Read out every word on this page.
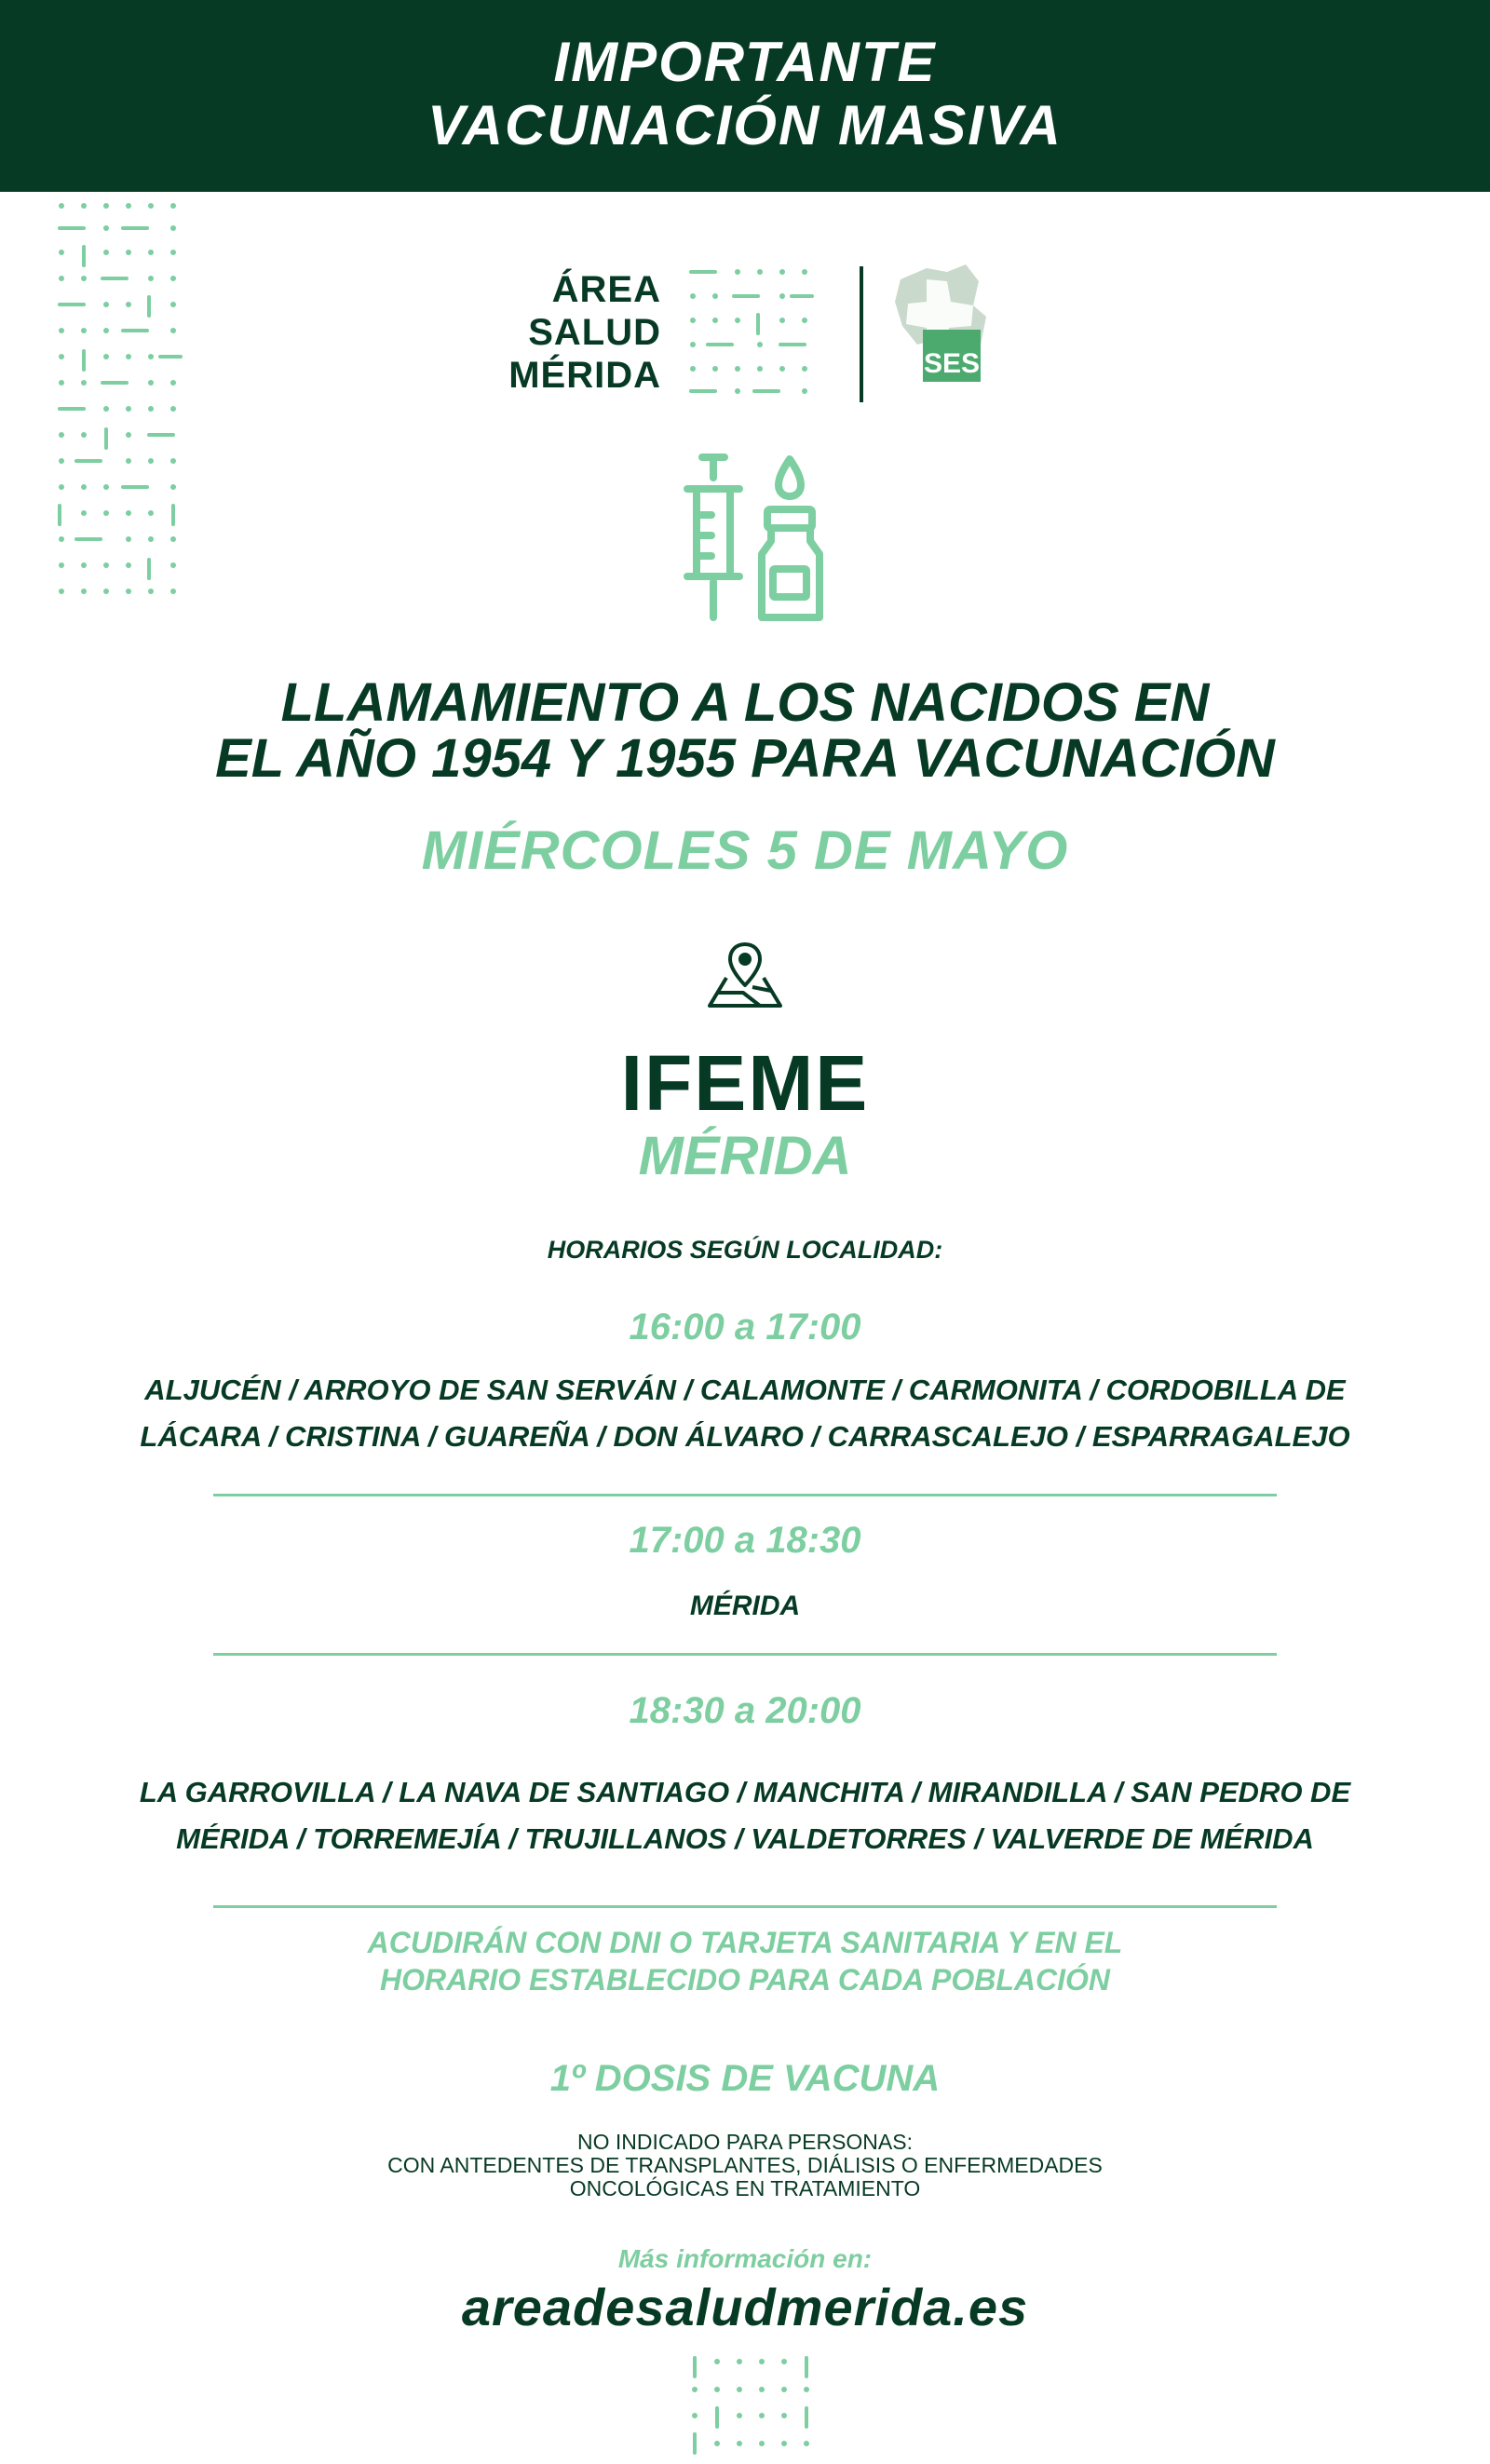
IMPORTANTE
VACUNACIÓN MASIVA
ÁREA
SALUD
MÉRIDA	SES
LLAMAMIENTO A LOS NACIDOS EN
EL AÑO 1954 Y 1955 PARA VACUNACIÓN
MIÉRCOLES 5 DE MAYO
IFEME
MÉRIDA
HORARIOS SEGÚN LOCALIDAD:
16:00 a 17:00
ALJUCÉN / ARROYO DE SAN SERVÁN / CALAMONTE / CARMONITA / CORDOBILLA DE
LÁCARA / CRISTINA / GUAREÑA / DON ÁLVARO / CARRASCALEJO / ESPARRAGALEJO
17:00 a 18:30
MÉRIDA
18:30 a 20:00
LA GARROVILLA / LA NAVA DE SANTIAGO / MANCHITA / MIRANDILLA / SAN PEDRO DE
MÉRIDA / TORREMEJÍA / TRUJILLANOS / VALDETORRES / VALVERDE DE MÉRIDA
ACUDIRÁN CON DNI O TARJETA SANITARIA Y EN EL
HORARIO ESTABLECIDO PARA CADA POBLACIÓN
1º DOSIS DE VACUNA
NO INDICADO PARA PERSONAS:
CON ANTEDENTES DE TRANSPLANTES, DIÁLISIS O ENFERMEDADES
ONCOLÓGICAS EN TRATAMIENTO
Más información en:
areadesaludmerida.es
